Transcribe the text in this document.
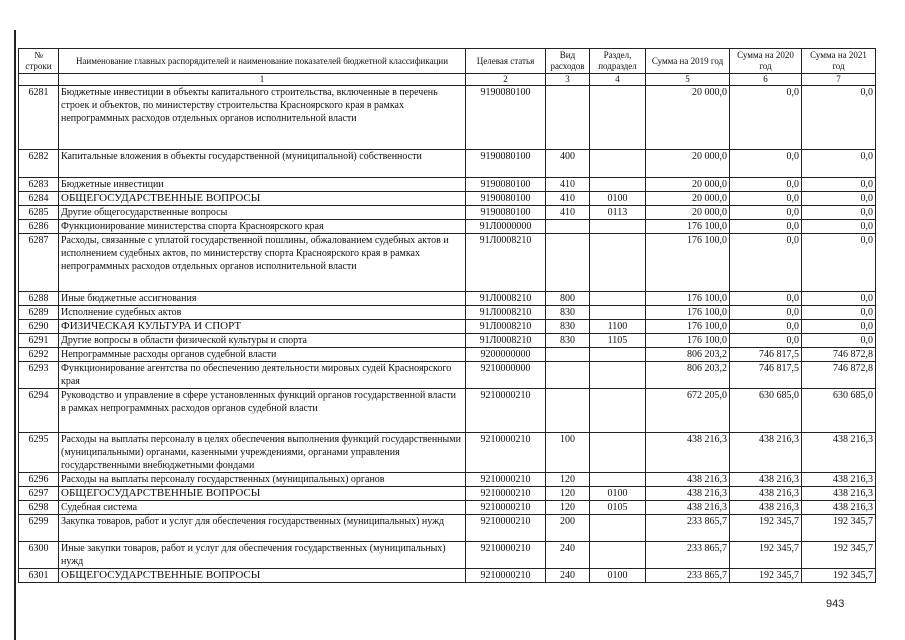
№ строки	Наименование главных распорядителей и наименование показателей бюджетной классификации	Целевая статья	Вид расходов	Раздел, подраздел	Сумма на 2019 год	Сумма на 2020 год	Сумма на 2021 год
	1	2	3	4	5	6	7
6281	Бюджетные инвестиции в объекты капитального строительства, включенные в перечень строек и объектов, по министерству строительства Красноярского края в рамках непрограммных расходов отдельных органов исполнительной власти	9190080100			20 000,0	0,0	0,0
6282	Капитальные вложения в объекты государственной (муниципальной) собственности	9190080100	400		20 000,0	0,0	0,0
6283	Бюджетные инвестиции	9190080100	410		20 000,0	0,0	0,0
6284	ОБЩЕГОСУДАРСТВЕННЫЕ ВОПРОСЫ	9190080100	410	0100	20 000,0	0,0	0,0
6285	Другие общегосударственные вопросы	9190080100	410	0113	20 000,0	0,0	0,0
6286	Функционирование министерства спорта Красноярского края	91Л0000000			176 100,0	0,0	0,0
6287	Расходы, связанные с уплатой государственной пошлины, обжалованием судебных актов и исполнением судебных актов, по министерству спорта Красноярского края в рамках непрограммных расходов отдельных органов исполнительной власти	91Л0008210			176 100,0	0,0	0,0
6288	Иные бюджетные ассигнования	91Л0008210	800		176 100,0	0,0	0,0
6289	Исполнение судебных актов	91Л0008210	830		176 100,0	0,0	0,0
6290	ФИЗИЧЕСКАЯ КУЛЬТУРА И СПОРТ	91Л0008210	830	1100	176 100,0	0,0	0,0
6291	Другие вопросы в области физической культуры и спорта	91Л0008210	830	1105	176 100,0	0,0	0,0
6292	Непрограммные расходы органов судебной власти	9200000000			806 203,2	746 817,5	746 872,8
6293	Функционирование агентства по обеспечению деятельности мировых судей Красноярского края	9210000000			806 203,2	746 817,5	746 872,8
6294	Руководство и управление в сфере установленных функций органов государственной власти в рамках непрограммных расходов органов судебной власти	9210000210			672 205,0	630 685,0	630 685,0
6295	Расходы на выплаты персоналу в целях обеспечения выполнения функций государственными (муниципальными) органами, казенными учреждениями, органами управления государственными внебюджетными фондами	9210000210	100		438 216,3	438 216,3	438 216,3
6296	Расходы на выплаты персоналу государственных (муниципальных) органов	9210000210	120		438 216,3	438 216,3	438 216,3
6297	ОБЩЕГОСУДАРСТВЕННЫЕ ВОПРОСЫ	9210000210	120	0100	438 216,3	438 216,3	438 216,3
6298	Судебная система	9210000210	120	0105	438 216,3	438 216,3	438 216,3
6299	Закупка товаров, работ и услуг для обеспечения государственных (муниципальных) нужд	9210000210	200		233 865,7	192 345,7	192 345,7
6300	Иные закупки товаров, работ и услуг для обеспечения государственных (муниципальных) нужд	9210000210	240		233 865,7	192 345,7	192 345,7
6301	ОБЩЕГОСУДАРСТВЕННЫЕ ВОПРОСЫ	9210000210	240	0100	233 865,7	192 345,7	192 345,7
943
